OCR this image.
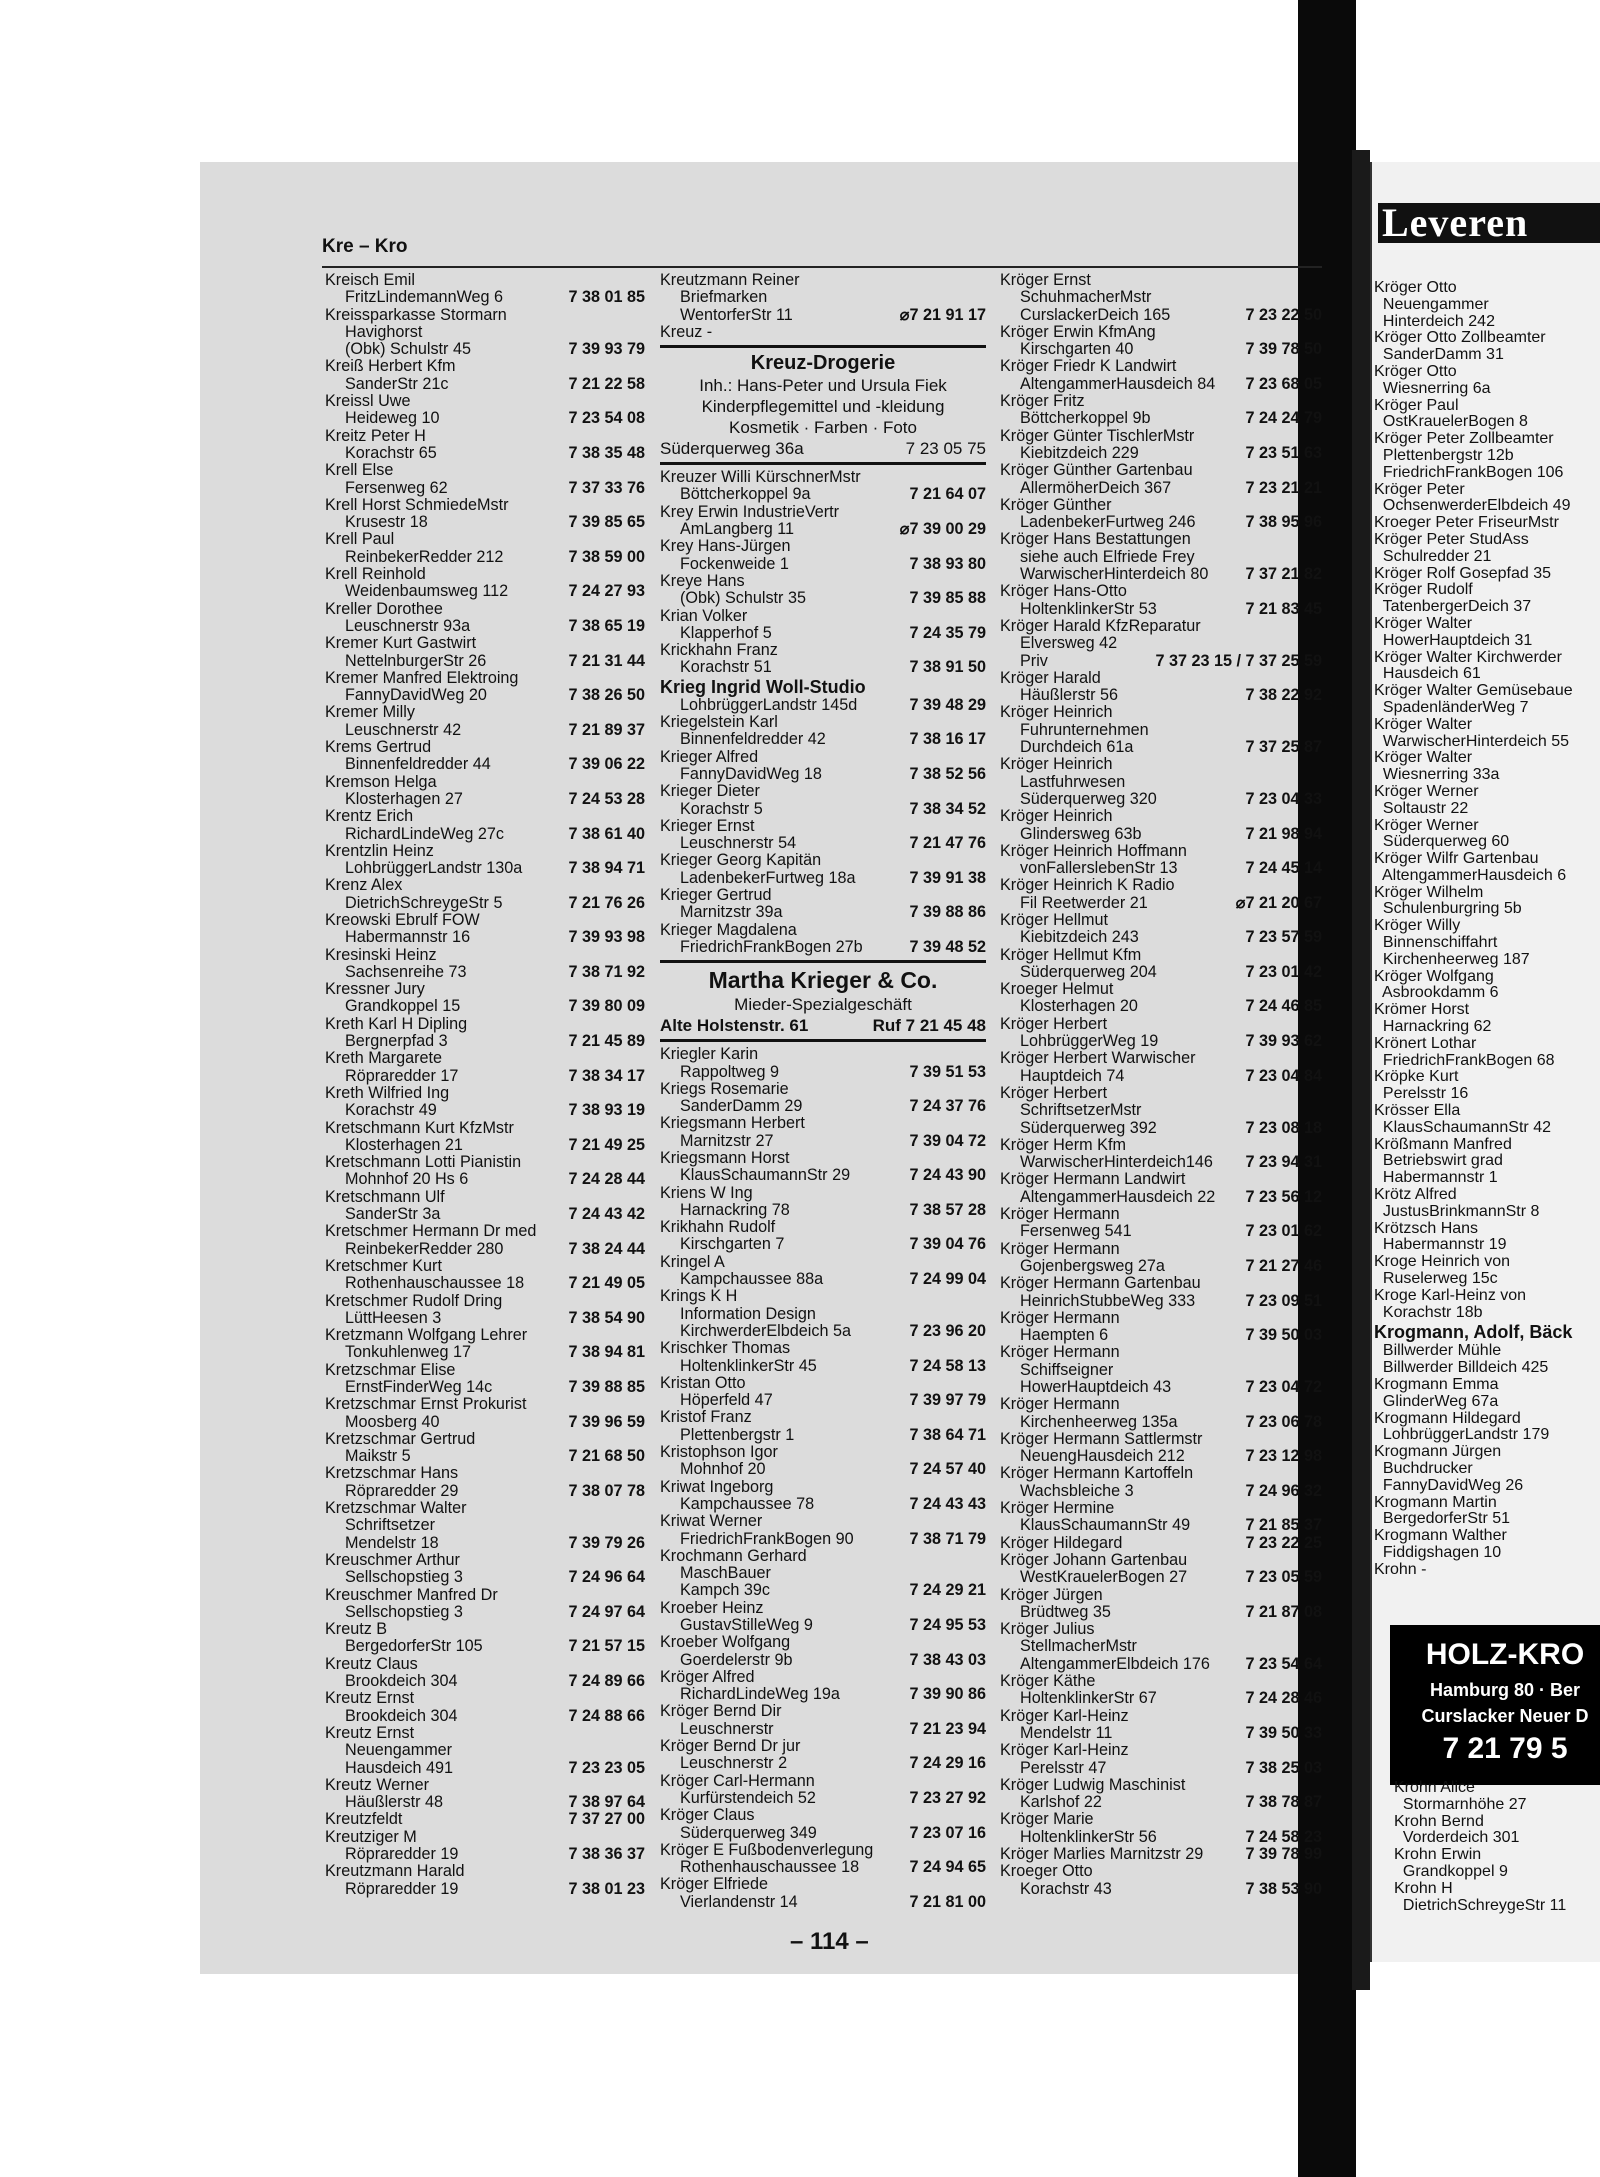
Kre – Kro
Kreisch Emil
FritzLindemannWeg 6	7 38 01 85
Kreissparkasse Stormarn
Havighorst
(Obk) Schulstr 45	7 39 93 79
Kreiß Herbert Kfm
SanderStr 21c	7 21 22 58
Kreissl Uwe
Heideweg 10	7 23 54 08
Kreitz Peter H
Korachstr 65	7 38 35 48
Krell Else
Fersenweg 62	7 37 33 76
Krell Horst SchmiedeMstr
Krusestr 18	7 39 85 65
Krell Paul
ReinbekerRedder 212	7 38 59 00
Krell Reinhold
Weidenbaumsweg 112	7 24 27 93
Kreller Dorothee
Leuschnerstr 93a	7 38 65 19
Kremer Kurt Gastwirt
NettelnburgerStr 26	7 21 31 44
Kremer Manfred Elektroing
FannyDavidWeg 20	7 38 26 50
Kremer Milly
Leuschnerstr 42	7 21 89 37
Krems Gertrud
Binnenfeldredder 44	7 39 06 22
Kremson Helga
Klosterhagen 27	7 24 53 28
Krentz Erich
RichardLindeWeg 27c	7 38 61 40
Krentzlin Heinz
LohbrüggerLandstr 130a	7 38 94 71
Krenz Alex
DietrichSchreygeStr 5	7 21 76 26
Kreowski Ebrulf FOW
Habermannstr 16	7 39 93 98
Kresinski Heinz
Sachsenreihe 73	7 38 71 92
Kressner Jury
Grandkoppel 15	7 39 80 09
Kreth Karl H Dipling
Bergnerpfad 3	7 21 45 89
Kreth Margarete
Röpraredder 17	7 38 34 17
Kreth Wilfried Ing
Korachstr 49	7 38 93 19
Kretschmann Kurt KfzMstr
Klosterhagen 21	7 21 49 25
Kretschmann Lotti Pianistin
Mohnhof 20 Hs 6	7 24 28 44
Kretschmann Ulf
SanderStr 3a	7 24 43 42
Kretschmer Hermann Dr med
ReinbekerRedder 280	7 38 24 44
Kretschmer Kurt
Rothenhauschaussee 18	7 21 49 05
Kretschmer Rudolf Dring
LüttHeesen 3	7 38 54 90
Kretzmann Wolfgang Lehrer
Tonkuhlenweg 17	7 38 94 81
Kretzschmar Elise
ErnstFinderWeg 14c	7 39 88 85
Kretzschmar Ernst Prokurist
Moosberg 40	7 39 96 59
Kretzschmar Gertrud
Maikstr 5	7 21 68 50
Kretzschmar Hans
Röpraredder 29	7 38 07 78
Kretzschmar Walter
Schriftsetzer
Mendelstr 18	7 39 79 26
Kreuschmer Arthur
Sellschopstieg 3	7 24 96 64
Kreuschmer Manfred Dr
Sellschopstieg 3	7 24 97 64
Kreutz B
BergedorferStr 105	7 21 57 15
Kreutz Claus
Brookdeich 304	7 24 89 66
Kreutz Ernst
Brookdeich 304	7 24 88 66
Kreutz Ernst
Neuengammer
Hausdeich 491	7 23 23 05
Kreutz Werner
Häußlerstr 48	7 38 97 64
Kreutzfeldt	7 37 27 00
Kreutziger M
Röpraredder 19	7 38 36 37
Kreutzmann Harald
Röpraredder 19	7 38 01 23
Kreutzmann Reiner
Briefmarken
WentorferStr 11	⌀7 21 91 17
Kreuz -
Kreuz-Drogerie
Inh.: Hans-Peter und Ursula Fiek
Kinderpflegemittel und -kleidung
Kosmetik · Farben · Foto
Süderquerweg 36a	7 23 05 75
Kreuzer Willi KürschnerMstr
Böttcherkoppel 9a	7 21 64 07
Krey Erwin IndustrieVertr
AmLangberg 11	⌀7 39 00 29
Krey Hans-Jürgen
Fockenweide 1	7 38 93 80
Kreye Hans
(Obk) Schulstr 35	7 39 85 88
Krian Volker
Klapperhof 5	7 24 35 79
Krickhahn Franz
Korachstr 51	7 38 91 50
Krieg Ingrid Woll-Studio
LohbrüggerLandstr 145d	7 39 48 29
Kriegelstein Karl
Binnenfeldredder 42	7 38 16 17
Krieger Alfred
FannyDavidWeg 18	7 38 52 56
Krieger Dieter
Korachstr 5	7 38 34 52
Krieger Ernst
Leuschnerstr 54	7 21 47 76
Krieger Georg Kapitän
LadenbekerFurtweg 18a	7 39 91 38
Krieger Gertrud
Marnitzstr 39a	7 39 88 86
Krieger Magdalena
FriedrichFrankBogen 27b	7 39 48 52
Martha Krieger & Co.
Mieder-Spezialgeschäft
Alte Holstenstr. 61	Ruf 7 21 45 48
Kriegler Karin
Rappoltweg 9	7 39 51 53
Kriegs Rosemarie
SanderDamm 29	7 24 37 76
Kriegsmann Herbert
Marnitzstr 27	7 39 04 72
Kriegsmann Horst
KlausSchaumannStr 29	7 24 43 90
Kriens W Ing
Harnackring 78	7 38 57 28
Krikhahn Rudolf
Kirschgarten 7	7 39 04 76
Kringel A
Kampchaussee 88a	7 24 99 04
Krings K H
Information Design
KirchwerderElbdeich 5a	7 23 96 20
Krischker Thomas
HoltenklinkerStr 45	7 24 58 13
Kristan Otto
Höperfeld 47	7 39 97 79
Kristof Franz
Plettenbergstr 1	7 38 64 71
Kristophson Igor
Mohnhof 20	7 24 57 40
Kriwat Ingeborg
Kampchaussee 78	7 24 43 43
Kriwat Werner
FriedrichFrankBogen 90	7 38 71 79
Krochmann Gerhard
MaschBauer
Kampch 39c	7 24 29 21
Kroeber Heinz
GustavStilleWeg 9	7 24 95 53
Kroeber Wolfgang
Goerdelerstr 9b	7 38 43 03
Kröger Alfred
RichardLindeWeg 19a	7 39 90 86
Kröger Bernd Dir
Leuschnerstr	7 21 23 94
Kröger Bernd Dr jur
Leuschnerstr 2	7 24 29 16
Kröger Carl-Hermann
Kurfürstendeich 52	7 23 27 92
Kröger Claus
Süderquerweg 349	7 23 07 16
Kröger E Fußbodenverlegung
Rothenhauschaussee 18	7 24 94 65
Kröger Elfriede
Vierlandenstr 14	7 21 81 00
Kröger Ernst
SchuhmacherMstr
CurslackerDeich 165	7 23 22 50
Kröger Erwin KfmAng
Kirschgarten 40	7 39 78 50
Kröger Friedr K Landwirt
AltengammerHausdeich 84	7 23 68 05
Kröger Fritz
Böttcherkoppel 9b	7 24 24 79
Kröger Günter TischlerMstr
Kiebitzdeich 229	7 23 51 63
Kröger Günther Gartenbau
AllermöherDeich 367	7 23 21 21
Kröger Günther
LadenbekerFurtweg 246	7 38 95 96
Kröger Hans Bestattungen
siehe auch Elfriede Frey
WarwischerHinterdeich 80	7 37 21 82
Kröger Hans-Otto
HoltenklinkerStr 53	7 21 83 45
Kröger Harald KfzReparatur
Elversweg 42
Priv	7 37 23 15 / 7 37 25 59
Kröger Harald
Häußlerstr 56	7 38 22 92
Kröger Heinrich
Fuhrunternehmen
Durchdeich 61a	7 37 25 87
Kröger Heinrich
Lastfuhrwesen
Süderquerweg 320	7 23 04 33
Kröger Heinrich
Glindersweg 63b	7 21 98 94
Kröger Heinrich Hoffmann
vonFallerslebenStr 13	7 24 45 14
Kröger Heinrich K Radio
Fil Reetwerder 21	⌀7 21 20 67
Kröger Hellmut
Kiebitzdeich 243	7 23 57 59
Kröger Hellmut Kfm
Süderquerweg 204	7 23 01 42
Kroeger Helmut
Klosterhagen 20	7 24 46 85
Kröger Herbert
LohbrüggerWeg 19	7 39 93 62
Kröger Herbert Warwischer
Hauptdeich 74	7 23 04 84
Kröger Herbert
SchriftsetzerMstr
Süderquerweg 392	7 23 08 18
Kröger Herm Kfm
WarwischerHinterdeich146	7 23 94 31
Kröger Hermann Landwirt
AltengammerHausdeich 22	7 23 56 12
Kröger Hermann
Fersenweg 541	7 23 01 62
Kröger Hermann
Gojenbergsweg 27a	7 21 27 46
Kröger Hermann Gartenbau
HeinrichStubbeWeg 333	7 23 09 51
Kröger Hermann
Haempten 6	7 39 50 03
Kröger Hermann
Schiffseigner
HowerHauptdeich 43	7 23 04 72
Kröger Hermann
Kirchenheerweg 135a	7 23 06 78
Kröger Hermann Sattlermstr
NeuengHausdeich 212	7 23 12 98
Kröger Hermann Kartoffeln
Wachsbleiche 3	7 24 96 32
Kröger Hermine
KlausSchaumannStr 49	7 21 85 37
Kröger Hildegard	7 23 22 25
Kröger Johann Gartenbau
WestKrauelerBogen 27	7 23 05 59
Kröger Jürgen
Brüdtweg 35	7 21 87 08
Kröger Julius
StellmacherMstr
AltengammerElbdeich 176	7 23 54 64
Kröger Käthe
HoltenklinkerStr 67	7 24 28 46
Kröger Karl-Heinz
Mendelstr 11	7 39 50 33
Kröger Karl-Heinz
Perelsstr 47	7 38 25 03
Kröger Ludwig Maschinist
Karlshof 22	7 38 78 87
Kröger Marie
HoltenklinkerStr 56	7 24 58 23
Kröger Marlies Marnitzstr 29	7 39 78 99
Kroeger Otto
Korachstr 43	7 38 53 90
– 114 –
Leveren
Kröger Otto
Neuengammer
Hinterdeich 242
Kröger Otto Zollbeamter
SanderDamm 31
Kröger Otto
Wiesnerring 6a
Kröger Paul
OstKrauelerBogen 8
Kröger Peter Zollbeamter
Plettenbergstr 12b
FriedrichFrankBogen 106
Kröger Peter
OchsenwerderElbdeich 49
Kroeger Peter FriseurMstr
Kröger Peter StudAss
Schulredder 21
Kröger Rolf Gosepfad 35
Kröger Rudolf
TatenbergerDeich 37
Kröger Walter
HowerHauptdeich 31
Kröger Walter Kirchwerder
Hausdeich 61
Kröger Walter Gemüsebaue
SpadenländerWeg 7
Kröger Walter
WarwischerHinterdeich 55
Kröger Walter
Wiesnerring 33a
Kröger Werner
Soltaustr 22
Kröger Werner
Süderquerweg 60
Kröger Wilfr Gartenbau
AltengammerHausdeich 6
Kröger Wilhelm
Schulenburgring 5b
Kröger Willy
Binnenschiffahrt
Kirchenheerweg 187
Kröger Wolfgang
Asbrookdamm 6
Krömer Horst
Harnackring 62
Krönert Lothar
FriedrichFrankBogen 68
Kröpke Kurt
Perelsstr 16
Krösser Ella
KlausSchaumannStr 42
Krößmann Manfred
Betriebswirt grad
Habermannstr 1
Krötz Alfred
JustusBrinkmannStr 8
Krötzsch Hans
Habermannstr 19
Kroge Heinrich von
Ruselerweg 15c
Kroge Karl-Heinz von
Korachstr 18b
Krogmann, Adolf, Bäck
Billwerder Mühle
Billwerder Billdeich 425
Krogmann Emma
GlinderWeg 67a
Krogmann Hildegard
LohbrüggerLandstr 179
Krogmann Jürgen
Buchdrucker
FannyDavidWeg 26
Krogmann Martin
BergedorferStr 51
Krogmann Walther
Fiddigshagen 10
Krohn -
HOLZ-KRO
Hamburg 80 · Ber
Curslacker Neuer D
7 21 79 5
Krohn Alice
Stormarnhöhe 27
Krohn Bernd
Vorderdeich 301
Krohn Erwin
Grandkoppel 9
Krohn H
DietrichSchreygeStr 11
